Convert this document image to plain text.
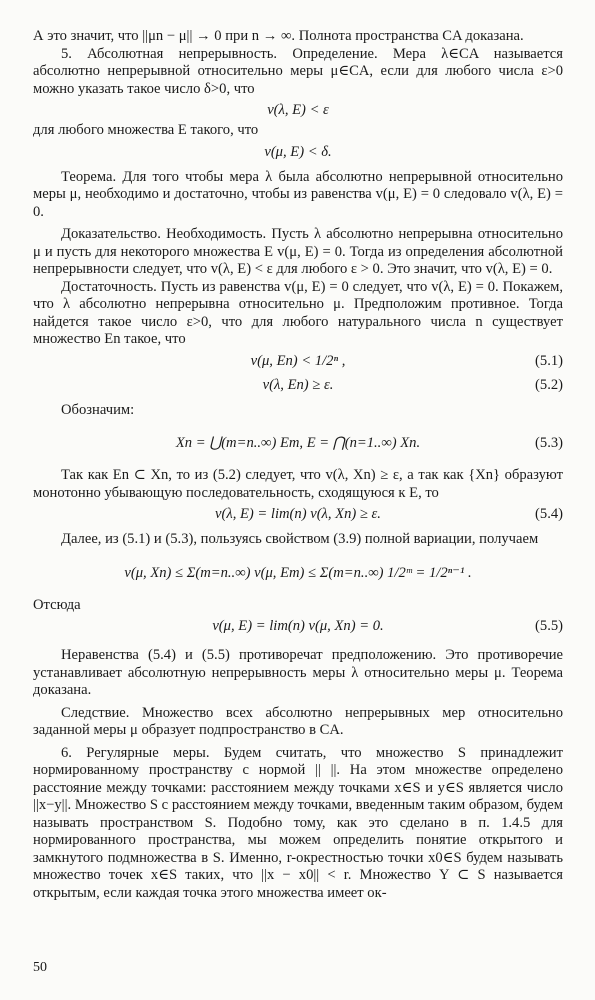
А это значит, что ||μn − μ|| → 0 при n → ∞. Полнота пространства CA доказана.

5. Абсолютная непрерывность. Определение. Мера λ∈CA называется абсолютно непрерывной относительно меры μ∈CA, если для любого числа ε>0 можно указать такое число δ>0, что

v(λ, E) < ε

для любого множества E такого, что

v(μ, E) < δ.

Теорема. Для того чтобы мера λ была абсолютно непрерывной относительно меры μ, необходимо и достаточно, чтобы из равенства v(μ, E) = 0 следовало v(λ, E) = 0.

Доказательство. Необходимость. Пусть λ абсолютно непрерывна относительно μ и пусть для некоторого множества E v(μ, E) = 0. Тогда из определения абсолютной непрерывности следует, что v(λ, E) < ε для любого ε > 0. Это значит, что v(λ, E) = 0.

Достаточность. Пусть из равенства v(μ, E) = 0 следует, что v(λ, E) = 0. Покажем, что λ абсолютно непрерывна относительно μ. Предположим противное. Тогда найдется такое число ε>0, что для любого натурального числа n существует множество En такое, что

v(μ, En) < 1/2ⁿ ,	(5.1)
v(λ, En) ≥ ε.	(5.2)

Обозначим:

Xn = ⋃(m=n..∞) Em, E = ⋂(n=1..∞) Xn.	(5.3)

Так как En ⊂ Xn, то из (5.2) следует, что v(λ, Xn) ≥ ε, а так как {Xn} образуют монотонно убывающую последовательность, сходящуюся к E, то

v(λ, E) = lim(n) v(λ, Xn) ≥ ε.	(5.4)

Далее, из (5.1) и (5.3), пользуясь свойством (3.9) полной вариации, получаем

v(μ, Xn) ≤ Σ(m=n..∞) v(μ, Em) ≤ Σ(m=n..∞) 1/2ᵐ = 1/2ⁿ⁻¹ .

Отсюда

v(μ, E) = lim(n) v(μ, Xn) = 0.	(5.5)

Неравенства (5.4) и (5.5) противоречат предположению. Это противоречие устанавливает абсолютную непрерывность меры λ относительно меры μ. Теорема доказана.

Следствие. Множество всех абсолютно непрерывных мер относительно заданной меры μ образует подпространство в CA.

6. Регулярные меры. Будем считать, что множество S принадлежит нормированному пространству с нормой || ||. На этом множестве определено расстояние между точками: расстоянием между точками x∈S и y∈S является число ||x−y||. Множество S с расстоянием между точками, введенным таким образом, будем называть пространством S. Подобно тому, как это сделано в п. 1.4.5 для нормированного пространства, мы можем определить понятие открытого и замкнутого подмножества в S. Именно, r-окрестностью точки x0∈S будем называть множество точек x∈S таких, что ||x − x0|| < r. Множество Y ⊂ S называется открытым, если каждая точка этого множества имеет ок-

50
